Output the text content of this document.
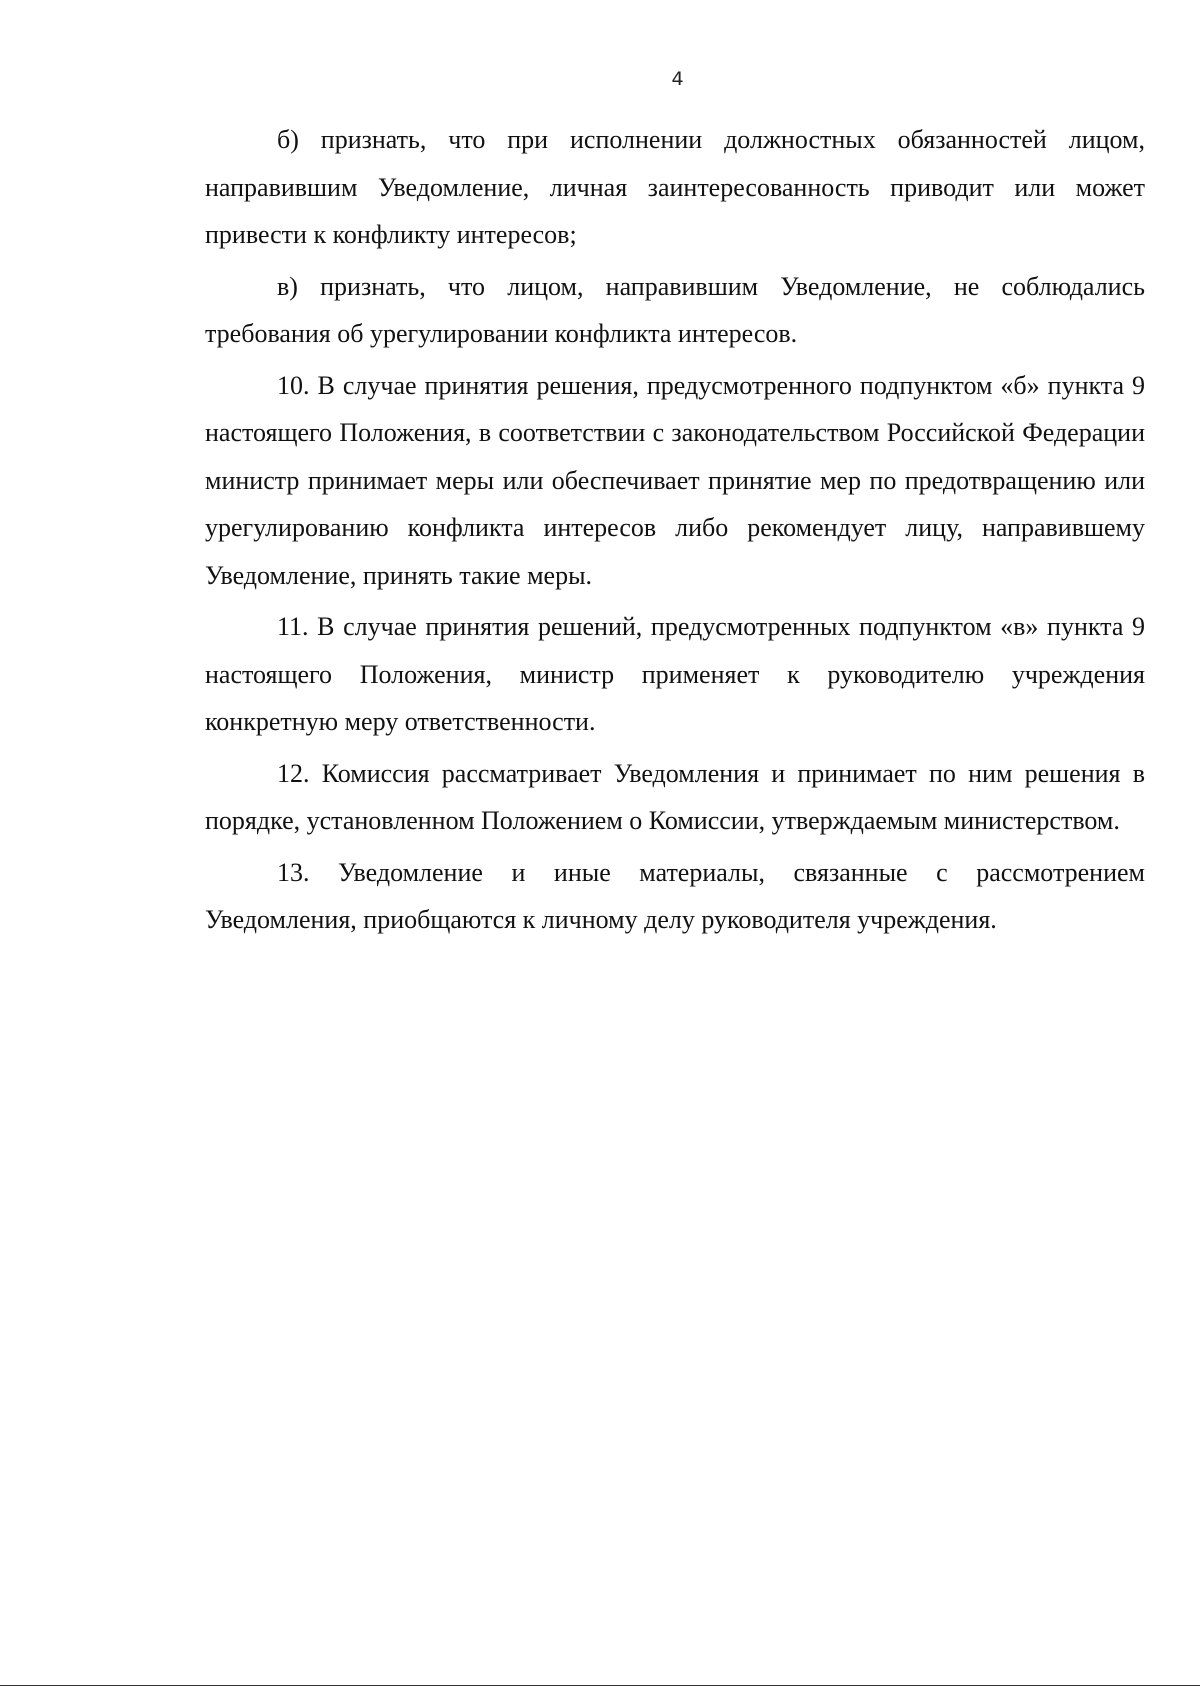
4

б) признать, что при исполнении должностных обязанностей лицом, направившим Уведомление, личная заинтересованность приводит или может привести к конфликту интересов;

в) признать, что лицом, направившим Уведомление, не соблюдались требования об урегулировании конфликта интересов.

10. В случае принятия решения, предусмотренного подпунктом «б» пункта 9 настоящего Положения, в соответствии с законодательством Российской Федерации министр принимает меры или обеспечивает принятие мер по предотвращению или урегулированию конфликта интересов либо рекомендует лицу, направившему Уведомление, принять такие меры.

11. В случае принятия решений, предусмотренных подпунктом «в» пункта 9 настоящего Положения, министр применяет к руководителю учреждения конкретную меру ответственности.

12. Комиссия рассматривает Уведомления и принимает по ним решения в порядке, установленном Положением о Комиссии, утверждаемым министерством.

13. Уведомление и иные материалы, связанные с рассмотрением Уведомления, приобщаются к личному делу руководителя учреждения.
